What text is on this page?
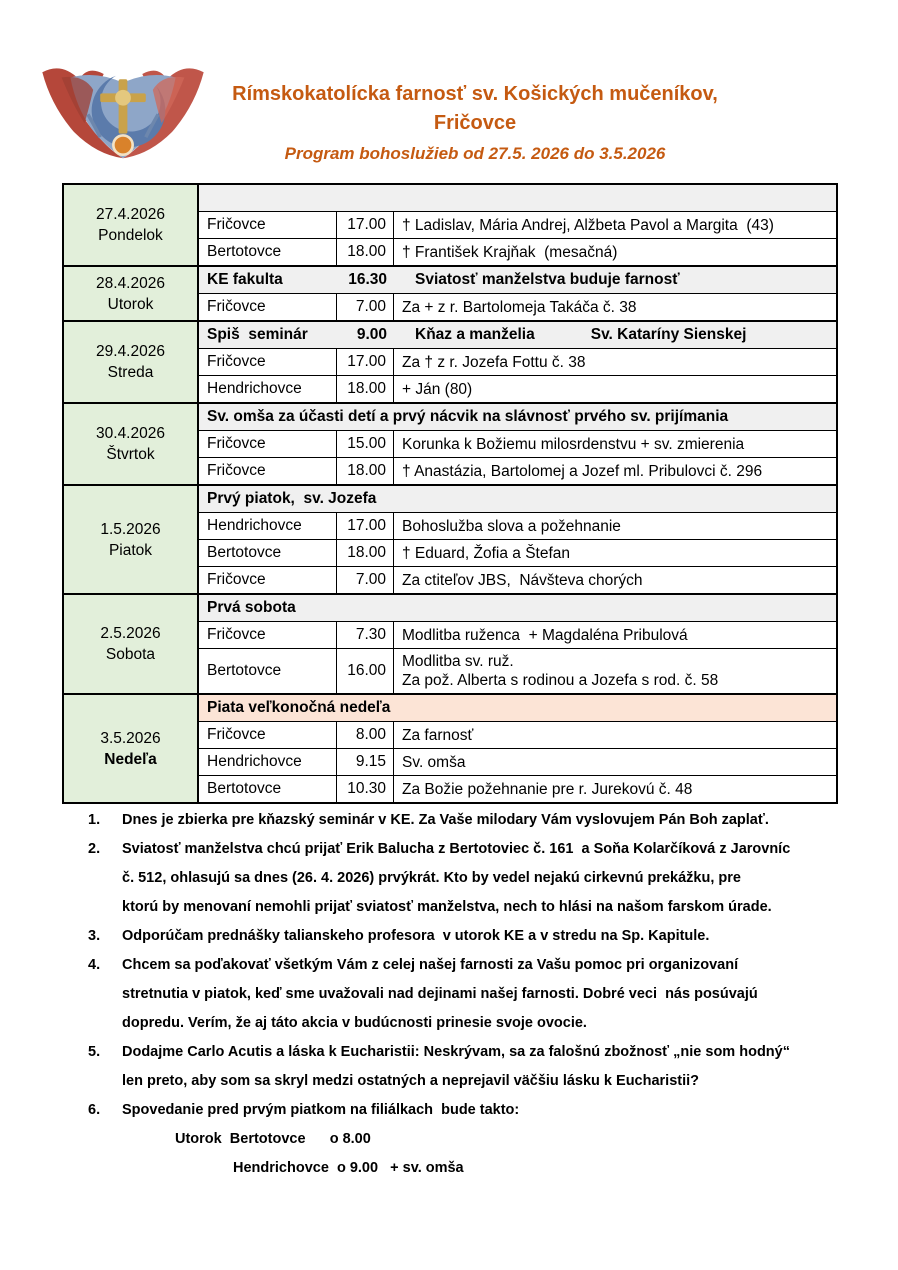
Rímskokatolícka farnosť sv. Košických mučeníkov,
Fričovce
Program bohoslužieb od 27.5. 2026 do 3.5.2026
27.4.2026
Pondelok
Fričovce	17.00	† Ladislav, Mária Andrej, Alžbeta Pavol a Margita  (43)
Bertotovce	18.00	† František Krajňak  (mesačná)
28.4.2026
Utorok
KE fakulta	16.30 Sviatosť manželstva buduje farnosť
Fričovce	7.00	Za + z r. Bartolomeja Takáča č. 38
29.4.2026
Streda
Spiš  seminár	9.00 Kňaz a manželia	Sv. Kataríny Sienskej
Fričovce	17.00	Za † z r. Jozefa Fottu č. 38
Hendrichovce	18.00	+ Ján (80)
30.4.2026
Štvrtok
Sv. omša za účasti detí a prvý nácvik na slávnosť prvého sv. prijímania
Fričovce	15.00	Korunka k Božiemu milosrdenstvu + sv. zmierenia
Fričovce	18.00	† Anastázia, Bartolomej a Jozef ml. Pribulovci č. 296
1.5.2026
Piatok
Prvý piatok,  sv. Jozefa
Hendrichovce	17.00	Bohoslužba slova a požehnanie
Bertotovce	18.00	† Eduard, Žofia a Štefan
Fričovce	7.00	Za ctiteľov JBS,  Návšteva chorých
2.5.2026
Sobota
Prvá sobota
Fričovce	7.30	Modlitba ruženca  + Magdaléna Pribulová
Bertotovce	16.00
Modlitba sv. ruž.
Za pož. Alberta s rodinou a Jozefa s rod. č. 58
3.5.2026
Nedeľa
Piata veľkonočná nedeľa
Fričovce	8.00	Za farnosť
Hendrichovce	9.15	Sv. omša
Bertotovce	10.30	Za Božie požehnanie pre r. Jurekovú č. 48
1.	Dnes je zbierka pre kňazský seminár v KE. Za Vaše milodary Vám vyslovujem Pán Boh zaplať.
2.	Sviatosť manželstva chcú prijať Erik Balucha z Bertotoviec č. 161  a Soňa Kolarčíková z Jarovníc
č. 512, ohlasujú sa dnes (26. 4. 2026) prvýkrát. Kto by vedel nejakú cirkevnú prekážku, pre
ktorú by menovaní nemohli prijať sviatosť manželstva, nech to hlási na našom farskom úrade.
3.	Odporúčam prednášky talianskeho profesora  v utorok KE a v stredu na Sp. Kapitule.
4.	Chcem sa poďakovať všetkým Vám z celej našej farnosti za Vašu pomoc pri organizovaní
stretnutia v piatok, keď sme uvažovali nad dejinami našej farnosti. Dobré veci  nás posúvajú
dopredu. Verím, že aj táto akcia v budúcnosti prinesie svoje ovocie.
5.	Dodajme Carlo Acutis a láska k Eucharistii: Neskrývam, sa za falošnú zbožnosť „nie som hodný“
len preto, aby som sa skryl medzi ostatných a neprejavil väčšiu lásku k Eucharistii?
6.	Spovedanie pred prvým piatkom na filiálkach  bude takto:
Utorok  Bertotovce      o 8.00
Hendrichovce  o 9.00   + sv. omša
